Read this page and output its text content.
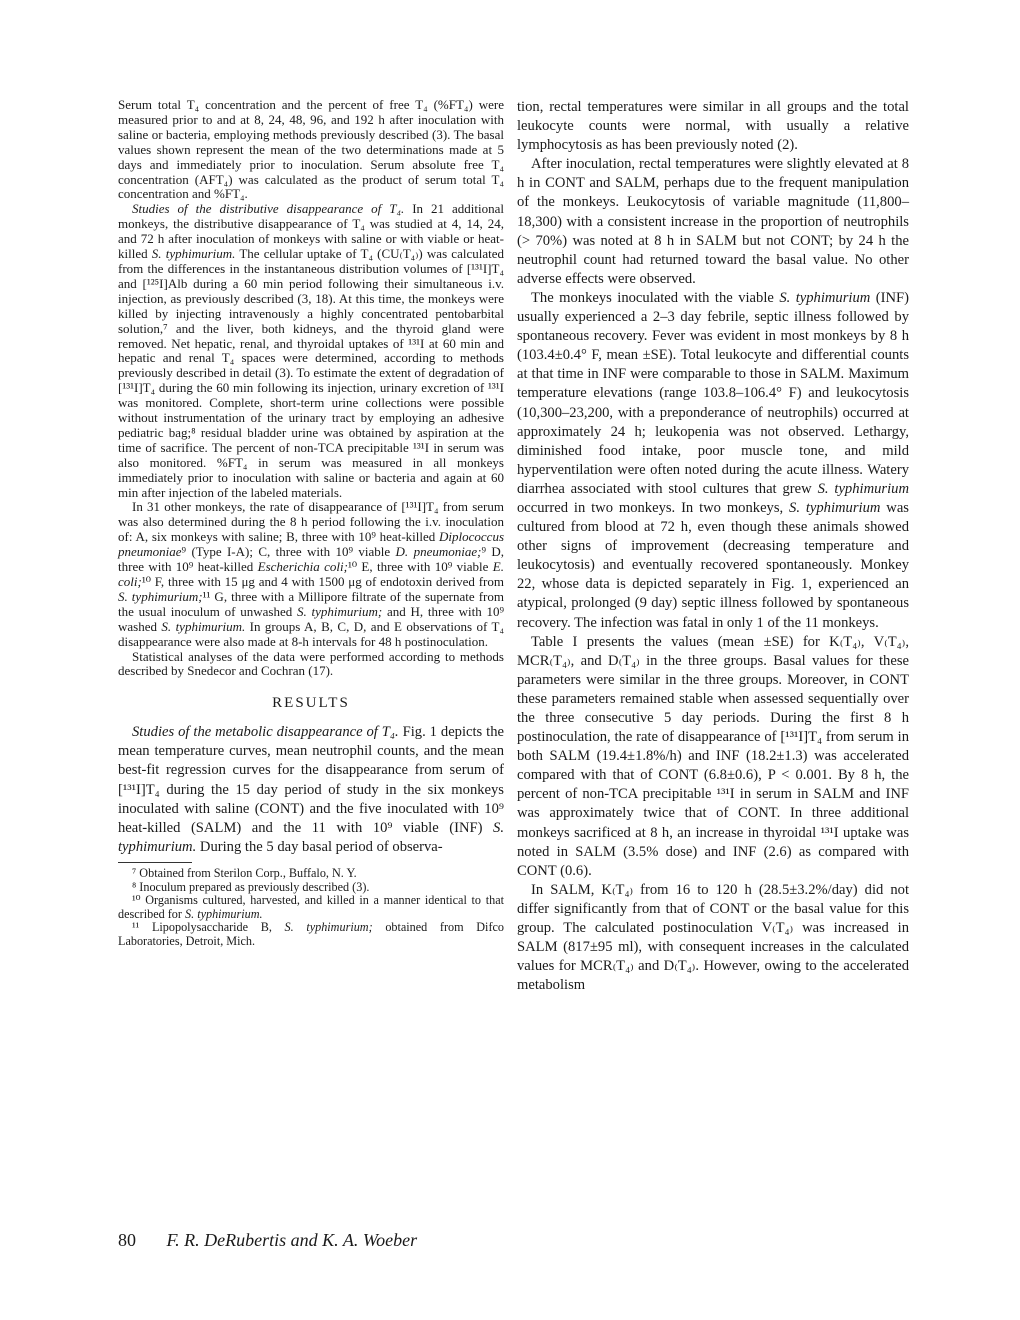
Serum total T₄ concentration and the percent of free T₄ (%FT₄) were measured prior to and at 8, 24, 48, 96, and 192 h after inoculation with saline or bacteria, employing methods previously described (3). The basal values shown represent the mean of the two determinations made at 5 days and immediately prior to inoculation. Serum absolute free T₄ concentration (AFT₄) was calculated as the product of serum total T₄ concentration and %FT₄.

Studies of the distributive disappearance of T₄. In 21 additional monkeys, the distributive disappearance of T₄ was studied at 4, 14, 24, and 72 h after inoculation of monkeys with saline or with viable or heat-killed S. typhimurium. The cellular uptake of T₄ (CU₍T₄₎) was calculated from the differences in the instantaneous distribution volumes of [¹³¹I]T₄ and [¹²⁵I]Alb during a 60 min period following their simultaneous i.v. injection, as previously described (3, 18). At this time, the monkeys were killed by injecting intravenously a highly concentrated pentobarbital solution,⁷ and the liver, both kidneys, and the thyroid gland were removed. Net hepatic, renal, and thyroidal uptakes of ¹³¹I at 60 min and hepatic and renal T₄ spaces were determined, according to methods previously described in detail (3). To estimate the extent of degradation of [¹³¹I]T₄ during the 60 min following its injection, urinary excretion of ¹³¹I was monitored. Complete, short-term urine collections were possible without instrumentation of the urinary tract by employing an adhesive pediatric bag;⁸ residual bladder urine was obtained by aspiration at the time of sacrifice. The percent of non-TCA precipitable ¹³¹I in serum was also monitored. %FT₄ in serum was measured in all monkeys immediately prior to inoculation with saline or bacteria and again at 60 min after injection of the labeled materials.

In 31 other monkeys, the rate of disappearance of [¹³¹I]T₄ from serum was also determined during the 8 h period following the i.v. inoculation of: A, six monkeys with saline; B, three with 10⁹ heat-killed Diplococcus pneumoniae⁹ (Type I-A); C, three with 10⁹ viable D. pneumoniae;⁹ D, three with 10⁹ heat-killed Escherichia coli;¹⁰ E, three with 10⁹ viable E. coli;¹⁰ F, three with 15 μg and 4 with 1500 μg of endotoxin derived from S. typhimurium;¹¹ G, three with a Millipore filtrate of the supernate from the usual inoculum of unwashed S. typhimurium; and H, three with 10⁹ washed S. typhimurium. In groups A, B, C, D, and E observations of T₄ disappearance were also made at 8-h intervals for 48 h postinoculation.

Statistical analyses of the data were performed according to methods described by Snedecor and Cochran (17).

RESULTS

Studies of the metabolic disappearance of T₄. Fig. 1 depicts the mean temperature curves, mean neutrophil counts, and the mean best-fit regression curves for the disappearance from serum of [¹³¹I]T₄ during the 15 day period of study in the six monkeys inoculated with saline (CONT) and the five inoculated with 10⁹ heat-killed (SALM) and the 11 with 10⁹ viable (INF) S. typhimurium. During the 5 day basal period of observa-

⁷ Obtained from Sterilon Corp., Buffalo, N. Y.

⁸ Inoculum prepared as previously described (3).

¹⁰ Organisms cultured, harvested, and killed in a manner identical to that described for S. typhimurium.

¹¹ Lipopolysaccharide B, S. typhimurium; obtained from Difco Laboratories, Detroit, Mich.

tion, rectal temperatures were similar in all groups and the total leukocyte counts were normal, with usually a relative lymphocytosis as has been previously noted (2).

After inoculation, rectal temperatures were slightly elevated at 8 h in CONT and SALM, perhaps due to the frequent manipulation of the monkeys. Leukocytosis of variable magnitude (11,800–18,300) with a consistent increase in the proportion of neutrophils (> 70%) was noted at 8 h in SALM but not CONT; by 24 h the neutrophil count had returned toward the basal value. No other adverse effects were observed.

The monkeys inoculated with the viable S. typhimurium (INF) usually experienced a 2–3 day febrile, septic illness followed by spontaneous recovery. Fever was evident in most monkeys by 8 h (103.4±0.4° F, mean ±SE). Total leukocyte and differential counts at that time in INF were comparable to those in SALM. Maximum temperature elevations (range 103.8–106.4° F) and leukocytosis (10,300–23,200, with a preponderance of neutrophils) occurred at approximately 24 h; leukopenia was not observed. Lethargy, diminished food intake, poor muscle tone, and mild hyperventilation were often noted during the acute illness. Watery diarrhea associated with stool cultures that grew S. typhimurium occurred in two monkeys. In two monkeys, S. typhimurium was cultured from blood at 72 h, even though these animals showed other signs of improvement (decreasing temperature and leukocytosis) and eventually recovered spontaneously. Monkey 22, whose data is depicted separately in Fig. 1, experienced an atypical, prolonged (9 day) septic illness followed by spontaneous recovery. The infection was fatal in only 1 of the 11 monkeys.

Table I presents the values (mean ±SE) for K₍T₄₎, V₍T₄₎, MCR₍T₄₎, and D₍T₄₎ in the three groups. Basal values for these parameters were similar in the three groups. Moreover, in CONT these parameters remained stable when assessed sequentially over the three consecutive 5 day periods. During the first 8 h postinoculation, the rate of disappearance of [¹³¹I]T₄ from serum in both SALM (19.4±1.8%/h) and INF (18.2±1.3) was accelerated compared with that of CONT (6.8±0.6), P < 0.001. By 8 h, the percent of non-TCA precipitable ¹³¹I in serum in SALM and INF was approximately twice that of CONT. In three additional monkeys sacrificed at 8 h, an increase in thyroidal ¹³¹I uptake was noted in SALM (3.5% dose) and INF (2.6) as compared with CONT (0.6).

In SALM, K₍T₄₎ from 16 to 120 h (28.5±3.2%/day) did not differ significantly from that of CONT or the basal value for this group. The calculated postinoculation V₍T₄₎ was increased in SALM (817±95 ml), with consequent increases in the calculated values for MCR₍T₄₎ and D₍T₄₎. However, owing to the accelerated metabolism

80 F. R. DeRubertis and K. A. Woeber
